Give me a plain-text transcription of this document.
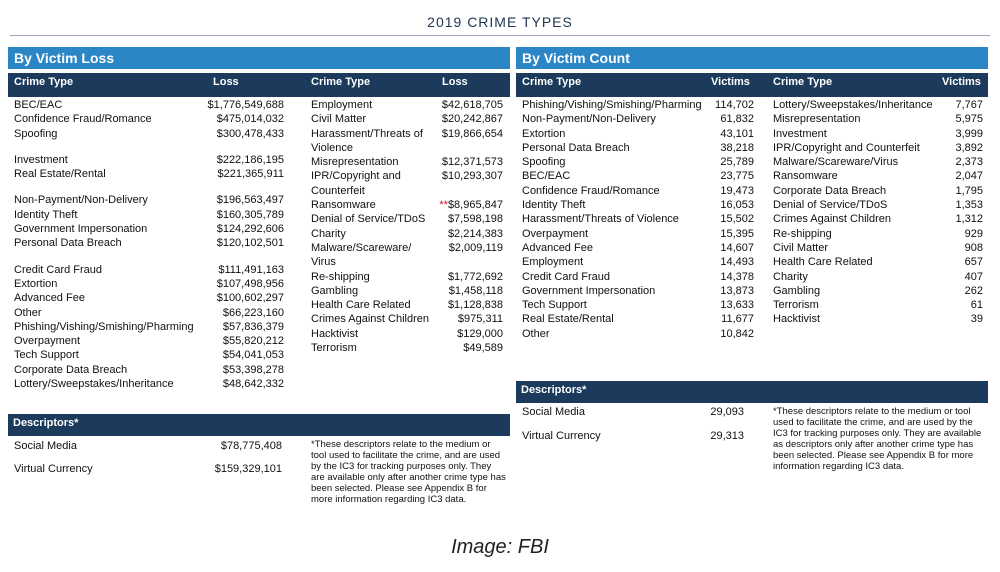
2019 CRIME TYPES
By Victim Loss
Crime Type	Loss	Crime Type	Loss
BEC/EAC	$1,776,549,688
Confidence Fraud/Romance	$475,014,032
Spoofing	$300,478,433
Investment	$222,186,195
Real Estate/Rental	$221,365,911
Non-Payment/Non-Delivery	$196,563,497
Identity Theft	$160,305,789
Government Impersonation	$124,292,606
Personal Data Breach	$120,102,501
Credit Card Fraud	$111,491,163
Extortion	$107,498,956
Advanced Fee	$100,602,297
Other	$66,223,160
Phishing/Vishing/Smishing/Pharming	$57,836,379
Overpayment	$55,820,212
Tech Support	$54,041,053
Corporate Data Breach	$53,398,278
Lottery/Sweepstakes/Inheritance	$48,642,332
Employment	$42,618,705
Civil Matter	$20,242,867
Harassment/Threats of
Violence
$19,866,654
Misrepresentation	$12,371,573
IPR/Copyright and
Counterfeit
$10,293,307
Ransomware	**$8,965,847
Denial of Service/TDoS $7,598,198
Charity	$2,214,383
Malware/Scareware/
Virus
$2,009,119
Re-shipping	$1,772,692
Gambling	$1,458,118
Health Care Related	$1,128,838
Crimes Against Children	$975,311
Hacktivist	$129,000
Terrorism	$49,589
Descriptors*
Social Media	$78,775,408
Virtual Currency	$159,329,101
*These descriptors relate to the medium or tool used to facilitate the crime, and are used by the IC3 for tracking purposes only. They are available only after another crime type has been selected. Please see Appendix B for more information regarding IC3 data.
By Victim Count
Crime Type	Victims Crime Type	Victims
Phishing/Vishing/Smishing/Pharming 114,702
Non-Payment/Non-Delivery	61,832
Extortion	43,101
Personal Data Breach	38,218
Spoofing	25,789
BEC/EAC	23,775
Confidence Fraud/Romance	19,473
Identity Theft	16,053
Harassment/Threats of Violence	15,502
Overpayment	15,395
Advanced Fee	14,607
Employment	14,493
Credit Card Fraud	14,378
Government Impersonation	13,873
Tech Support	13,633
Real Estate/Rental	11,677
Other	10,842
Lottery/Sweepstakes/Inheritance 7,767
Misrepresentation	5,975
Investment	3,999
IPR/Copyright and Counterfeit	3,892
Malware/Scareware/Virus	2,373
Ransomware	2,047
Corporate Data Breach	1,795
Denial of Service/TDoS	1,353
Crimes Against Children	1,312
Re-shipping	929
Civil Matter	908
Health Care Related	657
Charity	407
Gambling	262
Terrorism	61
Hacktivist	39
Descriptors*
Social Media	29,093
Virtual Currency	29,313
*These descriptors relate to the medium or tool used to facilitate the crime, and are used by the IC3 for tracking purposes only. They are available as descriptors only after another crime type has been selected. Please see Appendix B for more information regarding IC3 data.
Image: FBI
